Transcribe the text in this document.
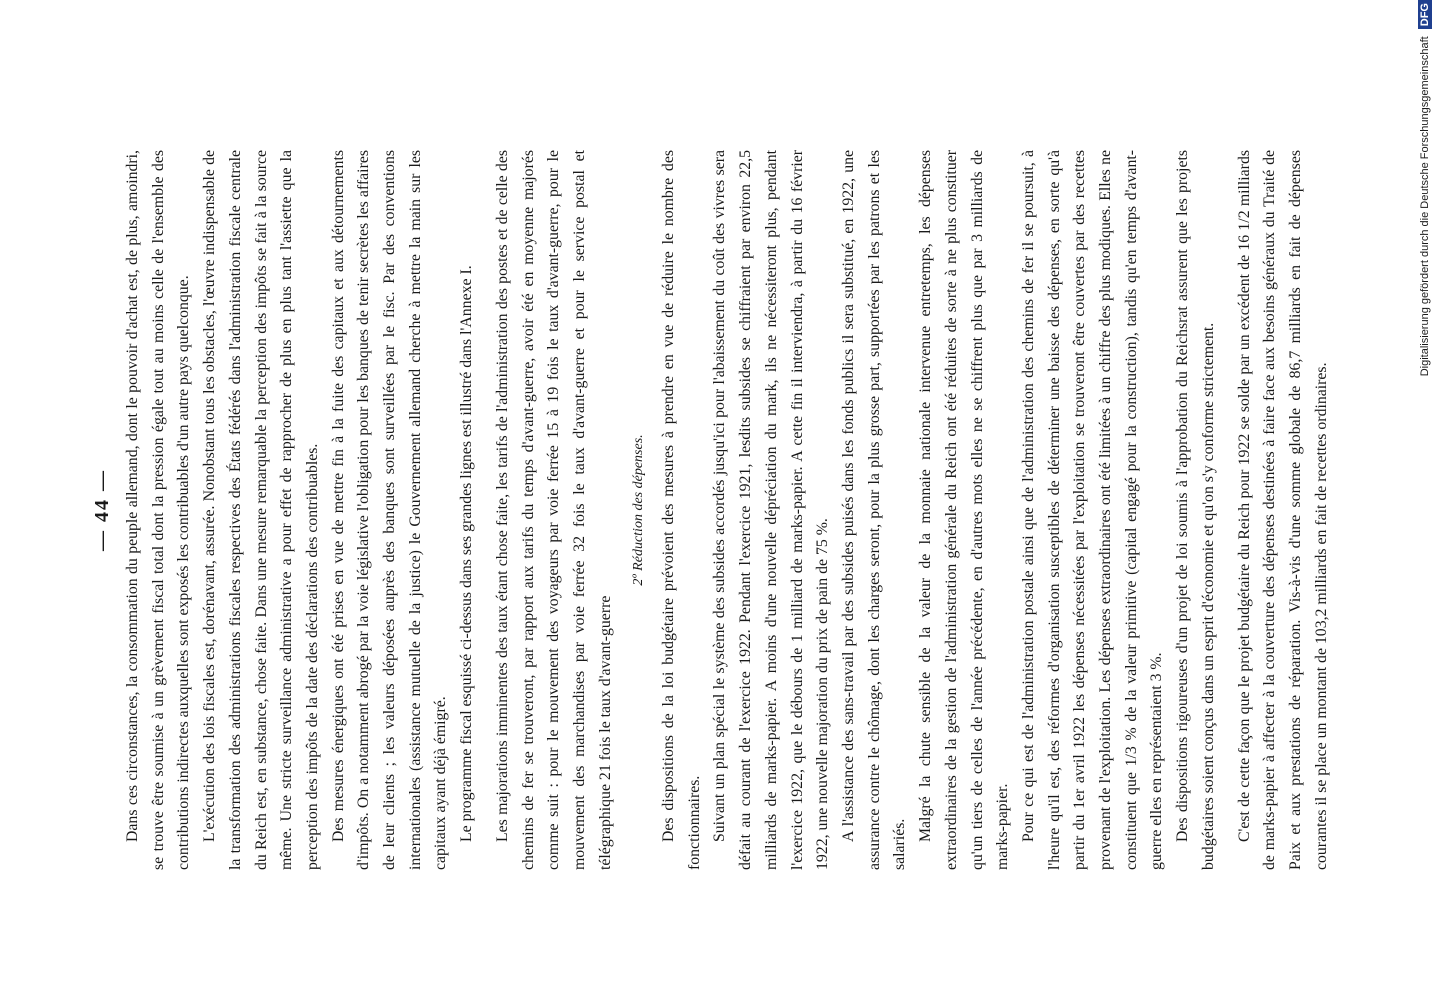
— 44 — Dans ces circonstances, la consommation du peuple allemand, dont le pouvoir d'achat est, de plus, amoindri, se trouve être soumise à un grèvement fiscal total dont la pression égale tout au moins celle de l'ensemble des contributions indirectes auxquelles sont exposés les contribuables d'un autre pays quelconque. L'exécution des lois fiscales est, dorénavant, assurée. Nonobstant tous les obstacles, l'œuvre indispensable de la transformation des administrations fiscales respectives des États fédérés dans l'administration fiscale centrale du Reich est, en substance, chose faite. Dans une mesure remarquable la perception des impôts se fait à la source même. Une stricte surveillance administrative a pour effet de rapprocher de plus en plus tant l'assiette que la perception des impôts de la date des déclarations des contribuables. Des mesures énergiques ont été prises en vue de mettre fin à la fuite des capitaux et aux détournements d'impôts. On a notamment abrogé par la voie législative l'obligation pour les banques de tenir secrètes les affaires de leur clients ; les valeurs déposées auprès des banques sont surveillées par le fisc. Par des conventions internationales (assistance mutuelle de la justice) le Gouvernement allemand cherche à mettre la main sur les capitaux ayant déjà émigré. Le programme fiscal esquissé ci-dessus dans ses grandes lignes est illustré dans l'Annexe I. Les majorations imminentes des taux étant chose faite, les tarifs de l'administration des postes et de celle des chemins de fer se trouveront, par rapport aux tarifs du temps d'avant-guerre, avoir été en moyenne majorés comme suit : pour le mouvement des voyageurs par voie ferrée 15 à 19 fois le taux d'avant-guerre, pour le mouvement des marchandises par voie ferrée 32 fois le taux d'avant-guerre et pour le service postal et télégraphique 21 fois le taux d'avant-guerre

2º Réduction des dépenses. Des dispositions de la loi budgétaire prévoient des mesures à prendre en vue de réduire le nombre des fonctionnaires. Suivant un plan spécial le système des subsides accordés jusqu'ici pour l'abaissement du coût des vivres sera défait au courant de l'exercice 1922. Pendant l'exercice 1921, lesdits subsides se chiffraient par environ 22,5 milliards de marks-papier. A moins d'une nouvelle dépréciation du mark, ils ne nécessiteront plus, pendant l'exercice 1922, que le débours de 1 milliard de marks-papier. A cette fin il interviendra, à partir du 16 février 1922, une nouvelle majoration du prix de pain de 75 %. A l'assistance des sans-travail par des subsides puisés dans les fonds publics il sera substitué, en 1922, une assurance contre le chômage, dont les charges seront, pour la plus grosse part, supportées par les patrons et les salariés.

Malgré la chute sensible de la valeur de la monnaie nationale intervenue entretemps, les dépenses extraordinaires de la gestion de l'administration générale du Reich ont été réduites de sorte à ne plus constituer qu'un tiers de celles de l'année précédente, en d'autres mots elles ne se chiffrent plus que par 3 milliards de marks-papier. Pour ce qui est de l'administration postale ainsi que de l'administration des chemins de fer il se poursuit, à l'heure qu'il est, des réformes d'organisation susceptibles de déterminer une baisse des dépenses, en sorte qu'à partir du 1er avril 1922 les dépenses nécessitées par l'exploitation se trouveront être couvertes par des recettes provenant de l'exploitation. Les dépenses extraordinaires ont été limitées à un chiffre des plus modiques. Elles ne constituent que 1/3 % de la valeur primitive (capital engagé pour la construction), tandis qu'en temps d'avant-guerre elles en représentaient 3 %. Des dispositions rigoureuses d'un projet de loi soumis à l'approbation du Reichsrat assurent que les projets budgétaires soient conçus dans un esprit d'économie et qu'on s'y conforme strictement. C'est de cette façon que le projet budgétaire du Reich pour 1922 se solde par un excédent de 16 1/2 milliards de marks-papier à affecter à la couverture des dépenses destinées à faire face aux besoins généraux du Traité de Paix et aux prestations de réparation. Vis-à-vis d'une somme globale de 86,7 milliards en fait de dépenses courantes il se place un montant de 103,2 milliards en fait de recettes ordinaires.

Digitalisierung gefördert durch die Deutsche Forschungsgemeinschaft DFG
